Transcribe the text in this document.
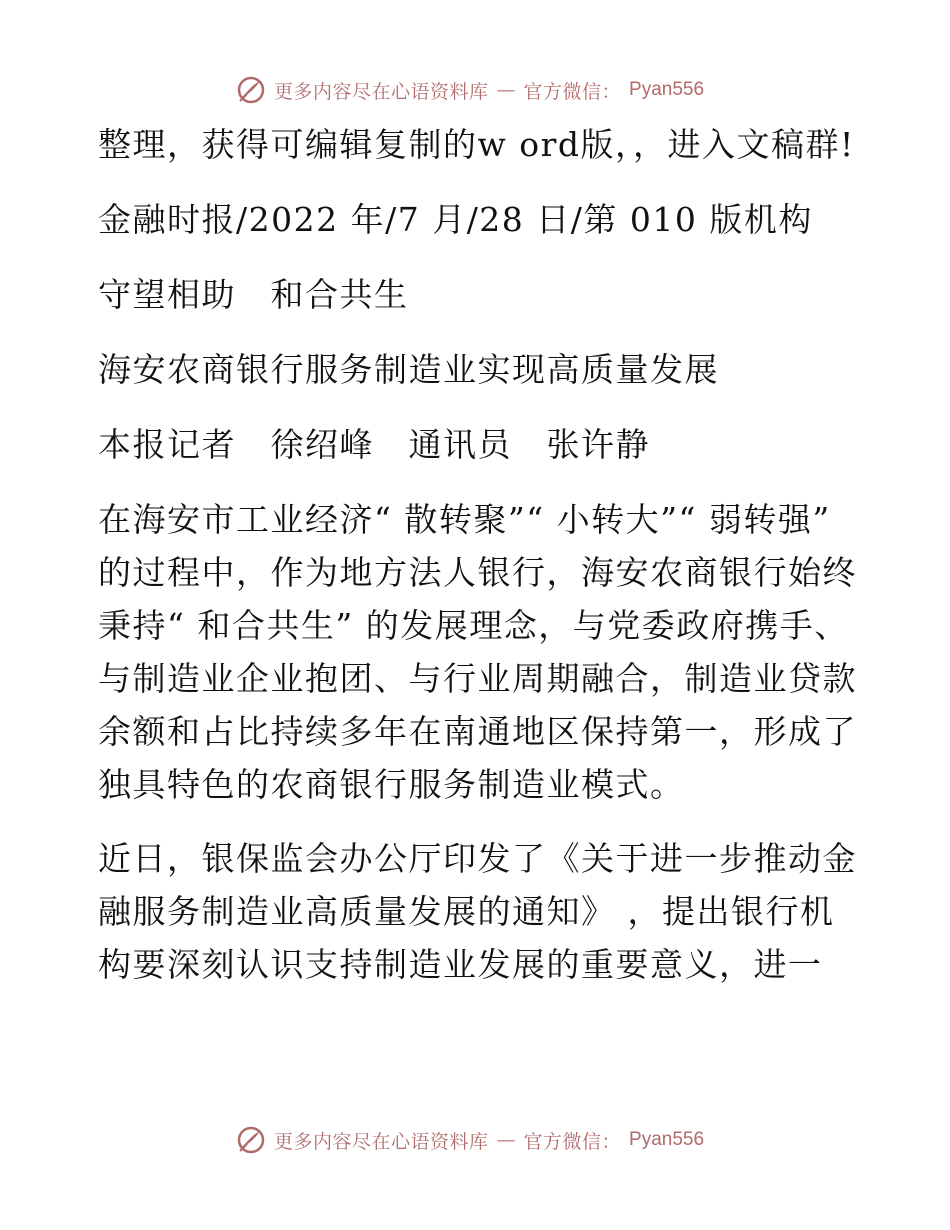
更多内容尽在心语资料库 — 官方微信： Pyan556

整理，获得可编辑复制的w ord版，，进入文稿群!

金融时报/2022 年/7 月/28 日/第 010 版机构

守望相助　和合共生

海安农商银行服务制造业实现高质量发展

本报记者　徐绍峰　通讯员　张许静

在海安市工业经济“ 散转聚”“ 小转大”“ 弱转强” 的过程中，作为地方法人银行，海安农商银行始终秉持“ 和合共生” 的发展理念，与党委政府携手、与制造业企业抱团、与行业周期融合，制造业贷款余额和占比持续多年在南通地区保持第一，形成了独具特色的农商银行服务制造业模式。

近日，银保监会办公厅印发了《关于进一步推动金融服务制造业高质量发展的通知》 ，提出银行机构要深刻认识支持制造业发展的重要意义，进一

更多内容尽在心语资料库 — 官方微信： Pyan556
